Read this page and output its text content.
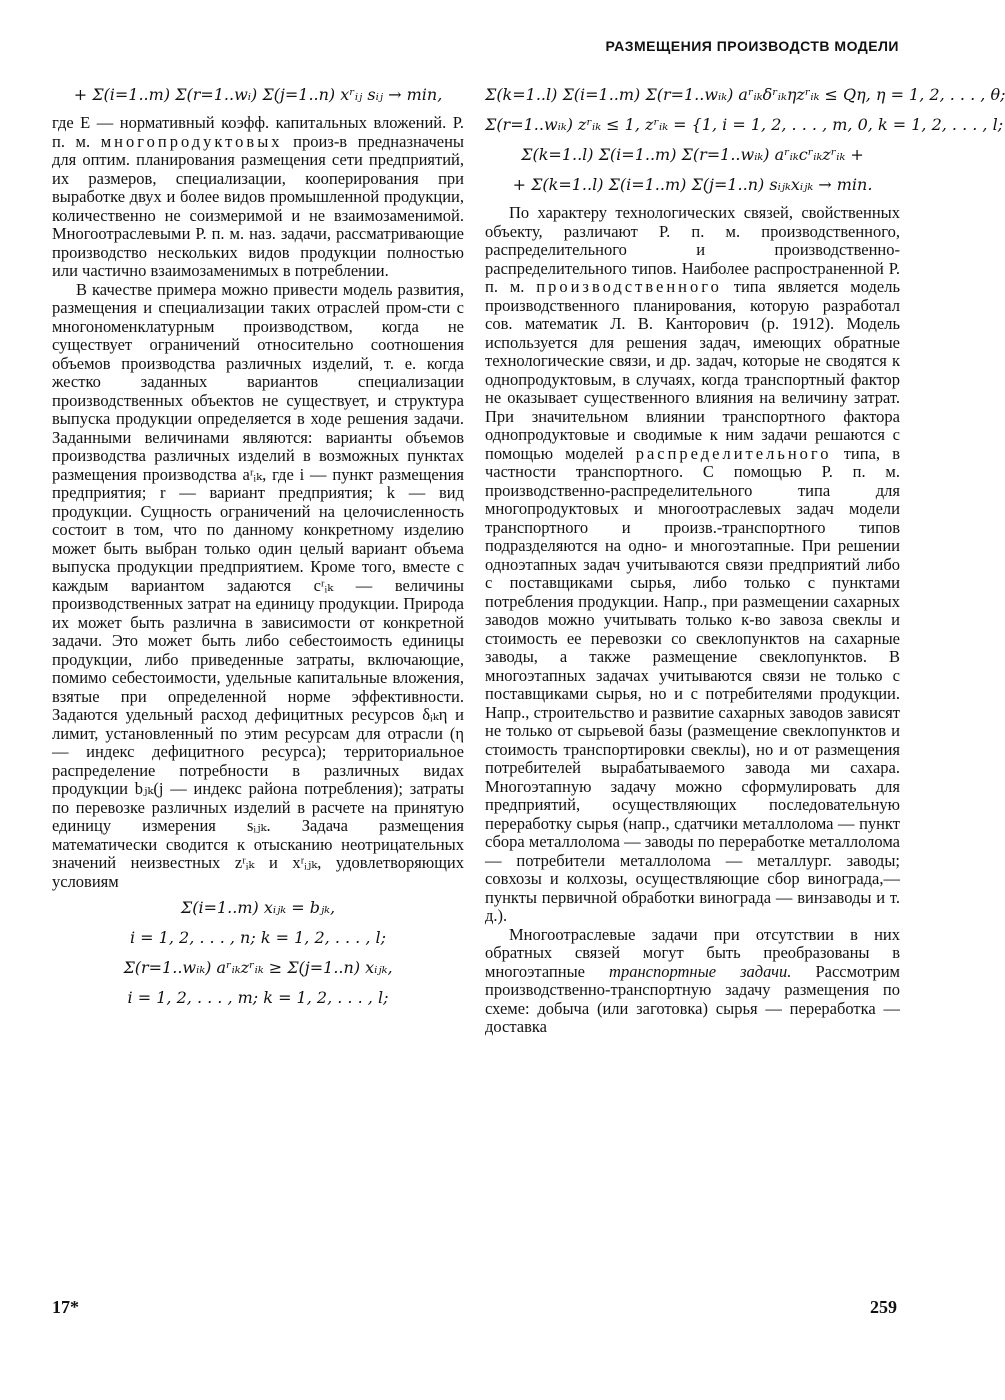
РАЗМЕЩЕНИЯ ПРОИЗВОДСТВ МОДЕЛИ
+ Σ(i=1..m) Σ(r=1..wᵢ) Σ(j=1..n) xʳᵢⱼ sᵢⱼ → min,

где E — нормативный коэфф. капитальных вложений. Р. п. м. многопродуктовых произ-в предназначены для оптим. планирования размещения сети предприятий, их размеров, специализации, кооперирования при выработке двух и более видов промышленной продукции, количественно не соизмеримой и не взаимозаменимой. Многоотраслевыми Р. п. м. наз. задачи, рассматривающие производство нескольких видов продукции полностью или частично взаимозаменимых в потреблении.

В качестве примера можно привести модель развития, размещения и специализации таких отраслей пром-сти с многономенклатурным производством, когда не существует ограничений относительно соотношения объемов производства различных изделий, т. е. когда жестко заданных вариантов специализации производственных объектов не существует, и структура выпуска продукции определяется в ходе решения задачи. Заданными величинами являются: варианты объемов производства различных изделий в возможных пунктах размещения производства aʳᵢₖ, где i — пункт размещения предприятия; r — вариант предприятия; k — вид продукции. Сущность ограничений на целочисленность состоит в том, что по данному конкретному изделию может быть выбран только один целый вариант объема выпуска продукции предприятием. Кроме того, вместе с каждым вариантом задаются cʳᵢₖ — величины производственных затрат на единицу продукции. Природа их может быть различна в зависимости от конкретной задачи. Это может быть либо себестоимость единицы продукции, либо приведенные затраты, включающие, помимо себестоимости, удельные капитальные вложения, взятые при определенной норме эффективности. Задаются удельный расход дефицитных ресурсов δᵢₖη и лимит, установленный по этим ресурсам для отрасли (η — индекс дефицитного ресурса); территориальное распределение потребности в различных видах продукции bⱼₖ(j — индекс района потребления); затраты по перевозке различных изделий в расчете на принятую единицу измерения sᵢⱼₖ. Задача размещения математически сводится к отысканию неотрицательных значений неизвестных zʳᵢₖ и xʳᵢⱼₖ, удовлетворяющих условиям

Σ(i=1..m) xᵢⱼₖ = bⱼₖ,
i = 1, 2, . . . , n; k = 1, 2, . . . , l;
Σ(r=1..wᵢₖ) aʳᵢₖzʳᵢₖ ≥ Σ(j=1..n) xᵢⱼₖ,
i = 1, 2, . . . , m; k = 1, 2, . . . , l;
Σ(k=1..l) Σ(i=1..m) Σ(r=1..wᵢₖ) aʳᵢₖδʳᵢₖηzʳᵢₖ ≤ Qη, η = 1, 2, . . . , θ;
Σ(r=1..wᵢₖ) zʳᵢₖ ≤ 1, zʳᵢₖ = {1, i = 1, 2, . . . , m, 0, k = 1, 2, . . . , l;
Σ(k=1..l) Σ(i=1..m) Σ(r=1..wᵢₖ) aʳᵢₖcʳᵢₖzʳᵢₖ +
+ Σ(k=1..l) Σ(i=1..m) Σ(j=1..n) sᵢⱼₖxᵢⱼₖ → min.

По характеру технологических связей, свойственных объекту, различают Р. п. м. производственного, распределительного и производственно-распределительного типов. Наиболее распространенной Р. п. м. производственного типа является модель производственного планирования, которую разработал сов. математик Л. В. Канторович (р. 1912). Модель используется для решения задач, имеющих обратные технологические связи, и др. задач, которые не сводятся к однопродуктовым, в случаях, когда транспортный фактор не оказывает существенного влияния на величину затрат. При значительном влиянии транспортного фактора однопродуктовые и сводимые к ним задачи решаются с помощью моделей распределительного типа, в частности транспортного. С помощью Р. п. м. производственно-распределительного типа для многопродуктовых и многоотраслевых задач модели транспортного и произв.-транспортного типов подразделяются на одно- и многоэтапные. При решении одноэтапных задач учитываются связи предприятий либо с поставщиками сырья, либо только с пунктами потребления продукции. Напр., при размещении сахарных заводов можно учитывать только к-во завоза свеклы и стоимость ее перевозки со свеклопунктов на сахарные заводы, а также размещение свеклопунктов. В многоэтапных задачах учитываются связи не только с поставщиками сырья, но и с потребителями продукции. Напр., строительство и развитие сахарных заводов зависят не только от сырьевой базы (размещение свеклопунктов и стоимость транспортировки свеклы), но и от размещения потребителей вырабатываемого завода ми сахара. Многоэтапную задачу можно сформулировать для предприятий, осуществляющих последовательную переработку сырья (напр., сдатчики металлолома — пункт сбора металлолома — заводы по переработке металлолома — потребители металлолома — металлург. заводы; совхозы и колхозы, осуществляющие сбор винограда,— пункты первичной обработки винограда — винзаводы и т. д.).

Многоотраслевые задачи при отсутствии в них обратных связей могут быть преобразованы в многоэтапные транспортные задачи. Рассмотрим производственно-транспортную задачу размещения по схеме: добыча (или заготовка) сырья — переработка — доставка

17*	259
